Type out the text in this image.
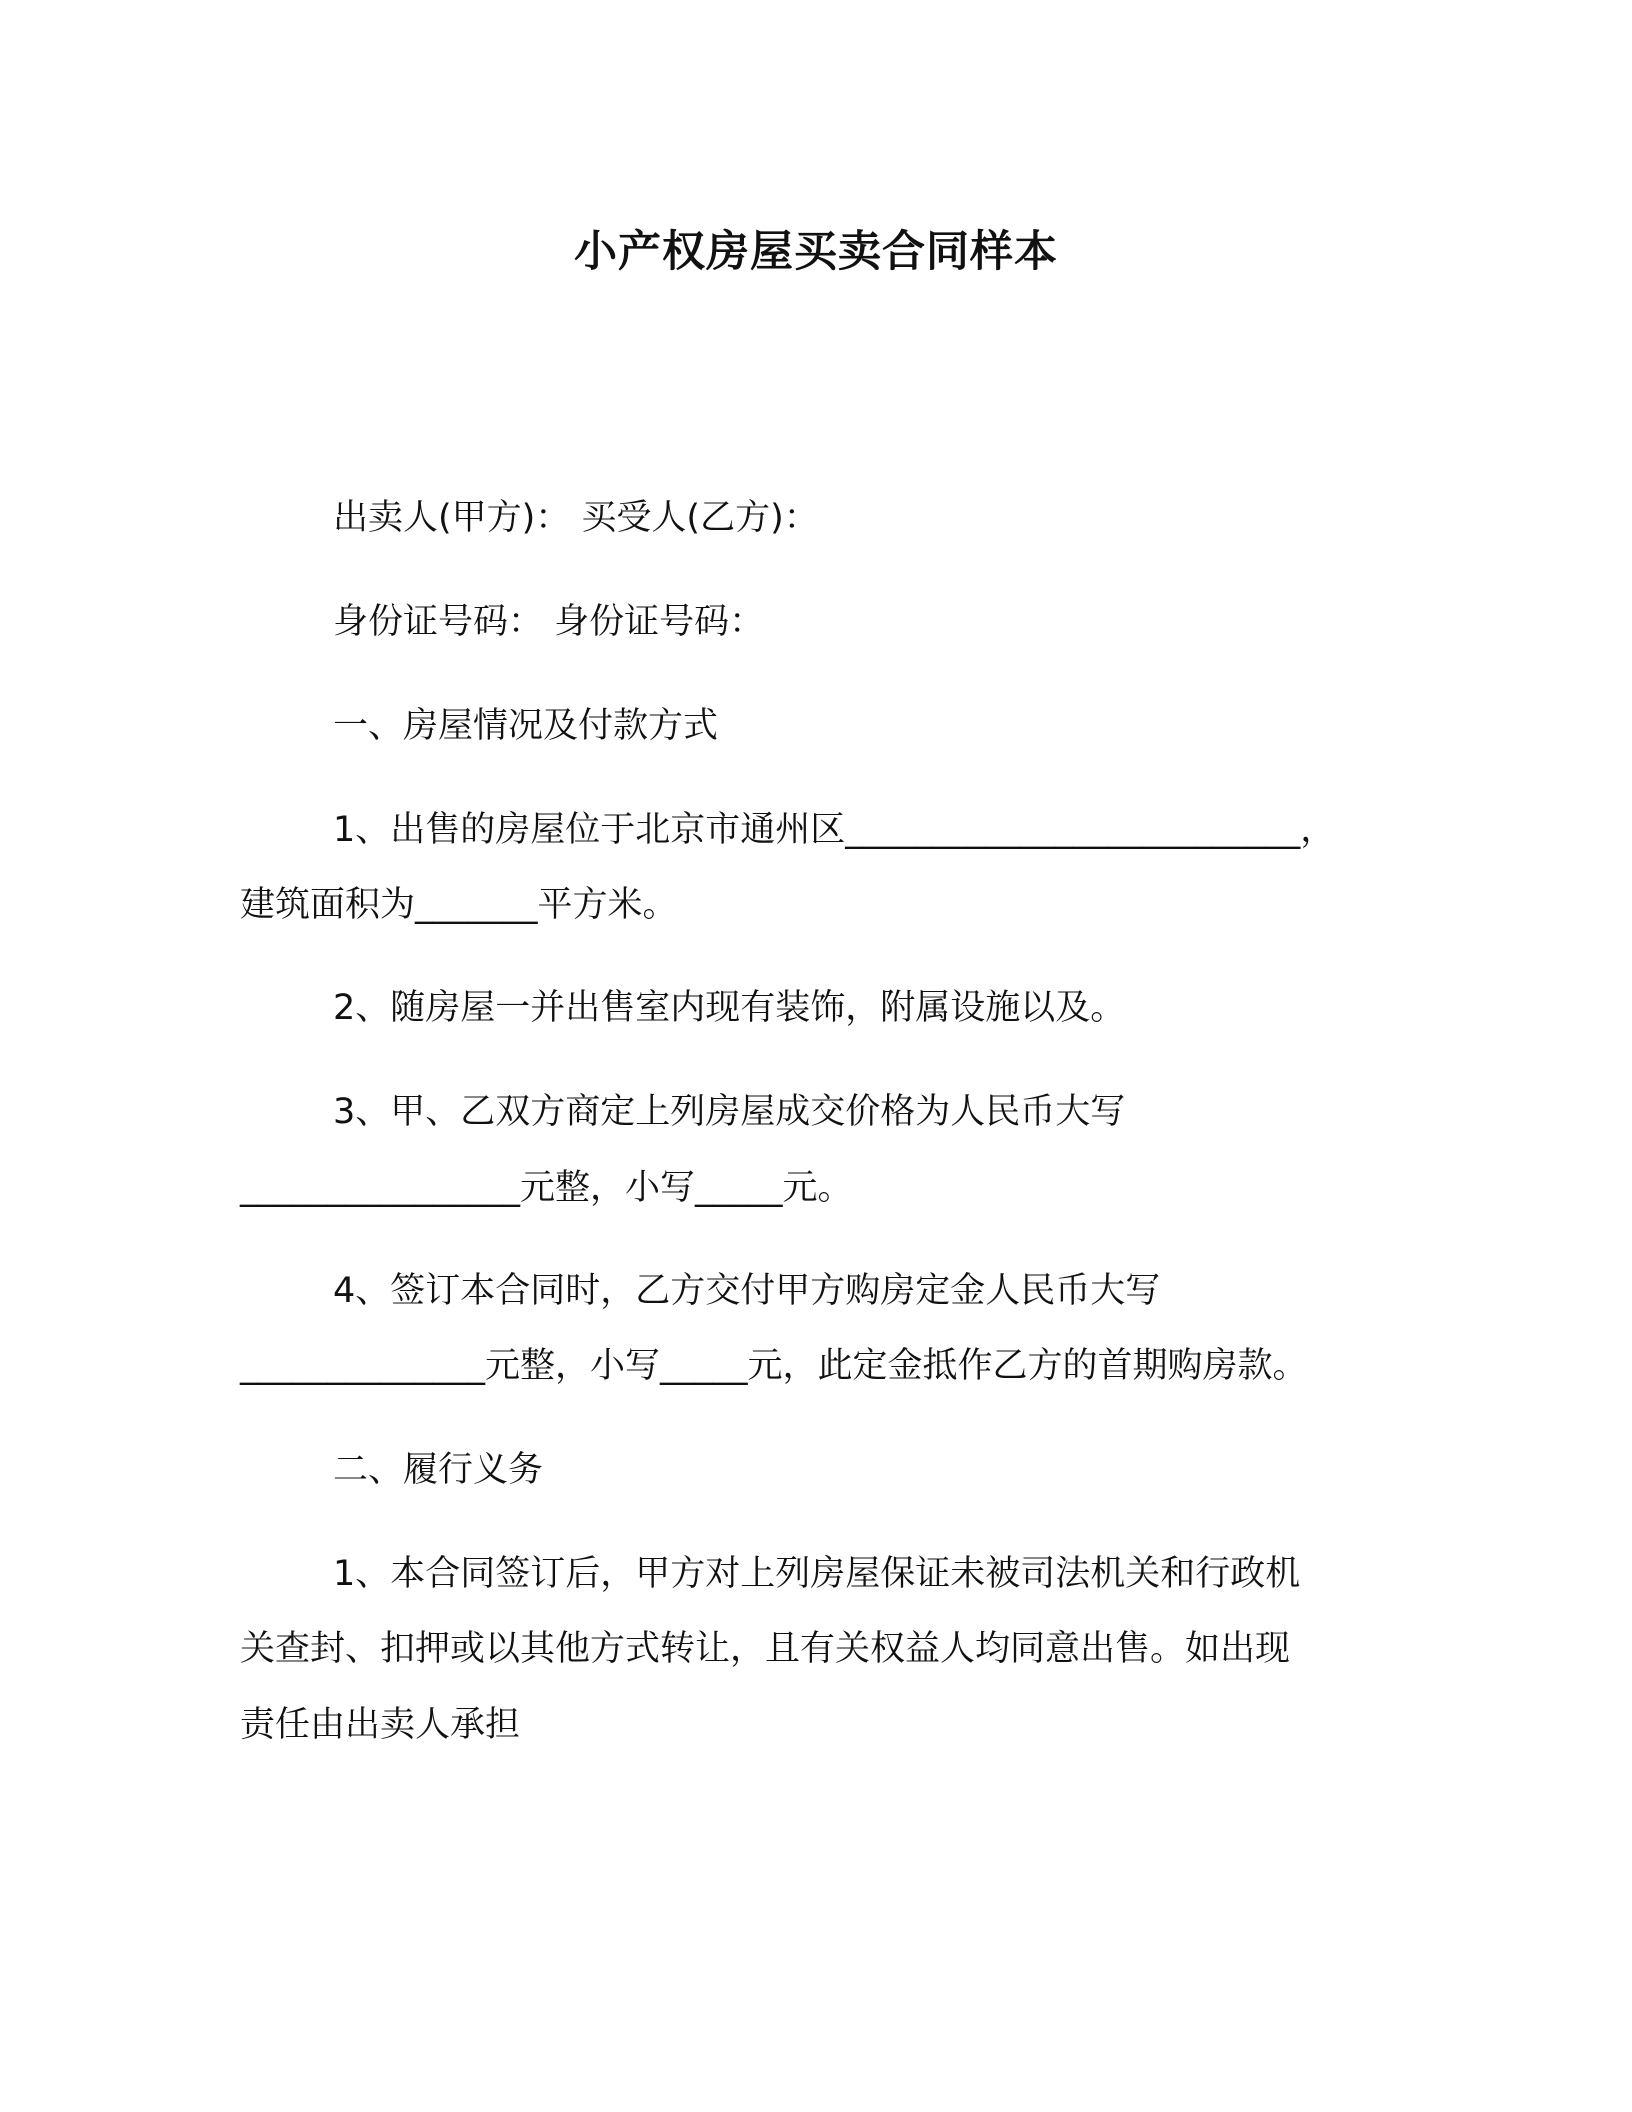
小产权房屋买卖合同样本
出卖人(甲方)： 买受人(乙方)：
身份证号码： 身份证号码：
一、房屋情况及付款方式
1、出售的房屋位于北京市通州区__________________________，
建筑面积为_______平方米。
2、随房屋一并出售室内现有装饰，附属设施以及。
3、甲、乙双方商定上列房屋成交价格为人民币大写
________________元整，小写_____元。
4、签订本合同时，乙方交付甲方购房定金人民币大写
______________元整，小写_____元，此定金抵作乙方的首期购房款。
二、履行义务
1、本合同签订后，甲方对上列房屋保证未被司法机关和行政机
关查封、扣押或以其他方式转让，且有关权益人均同意出售。如出现
责任由出卖人承担
